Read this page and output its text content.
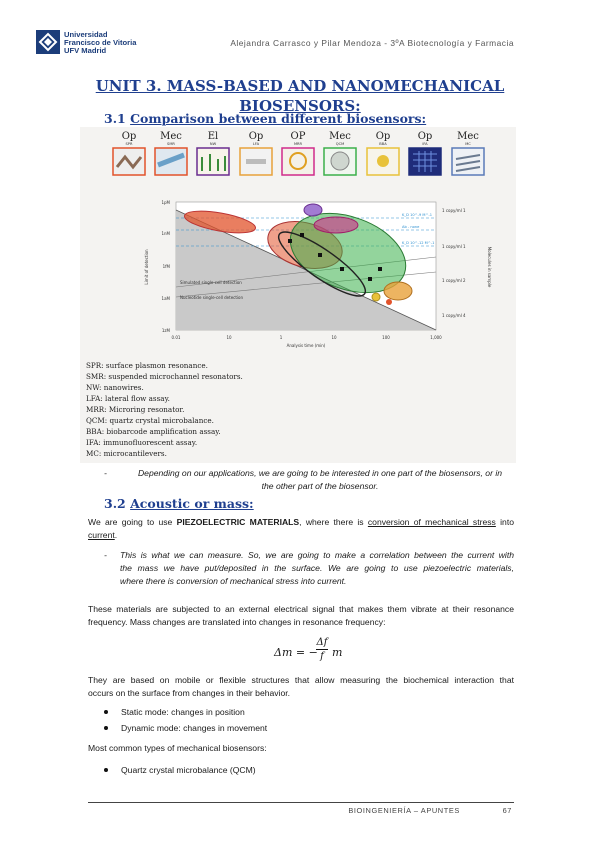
Universidad
Francisco de Vitoria
UFV Madrid
Alejandra Carrasco y Pilar Mendoza - 3ºA Biotecnología y Farmacia
UNIT 3. MASS-BASED AND NANOMECHANICAL
BIOSENSORS:
3.1 Comparison between different biosensors:
Op Mec	El	Op	OP Mec Op	Op Mec
SPR	SMR	NW	LFA	MRR	QCM	BBA	IFA	MC
1pM
1nM
1fM
1aM
1zM
0.01	10	1	10	100	1,000
Analysis time (min)
Limit of detection	Molecules in sample
1 copy/ml 1
1 copy/ml 1
1 copy/ml 2
1 copy/ml 4
Simulated single-cell detection
Nucleotide single-cell detection
K_D 10^-9 M^-1
Ab - none
K_D 10^-12 M^-1
SPR: surface plasmon resonance.
SMR: suspended microchannel resonators.
NW: nanowires.
LFA: lateral flow assay.
MRR: Microring resonator.
QCM: quartz crystal microbalance.
BBA: biobarcode amplification assay.
IFA: immunofluorescent assay.
MC: microcantilevers.
-	Depending on our applications, we are going to be interested in one part of the biosensors, or in
the other part of the biosensor.
3.2 Acoustic or mass:
We are going to use PIEZOELECTRIC MATERIALS, where there is conversion of mechanical stress into
current.
- This is what we can measure. So, we are going to make a correlation between the current with
the mass we have put/deposited in the surface. We are going to use piezoelectric materials,
where there is conversion of mechanical stress into current.
These materials are subjected to an external electrical signal that makes them vibrate at their resonance
frequency. Mass changes are translated into changes in resonance frequency:
Δm = −
Δf
f m
They are based on mobile or flexible structures that allow measuring the biochemical interaction that
occurs on the surface from changes in their behavior.
Static mode: changes in position
Dynamic mode: changes in movement
Most common types of mechanical biosensors:
Quartz crystal microbalance (QCM)
BIOINGENIERÍA – APUNTES	67
